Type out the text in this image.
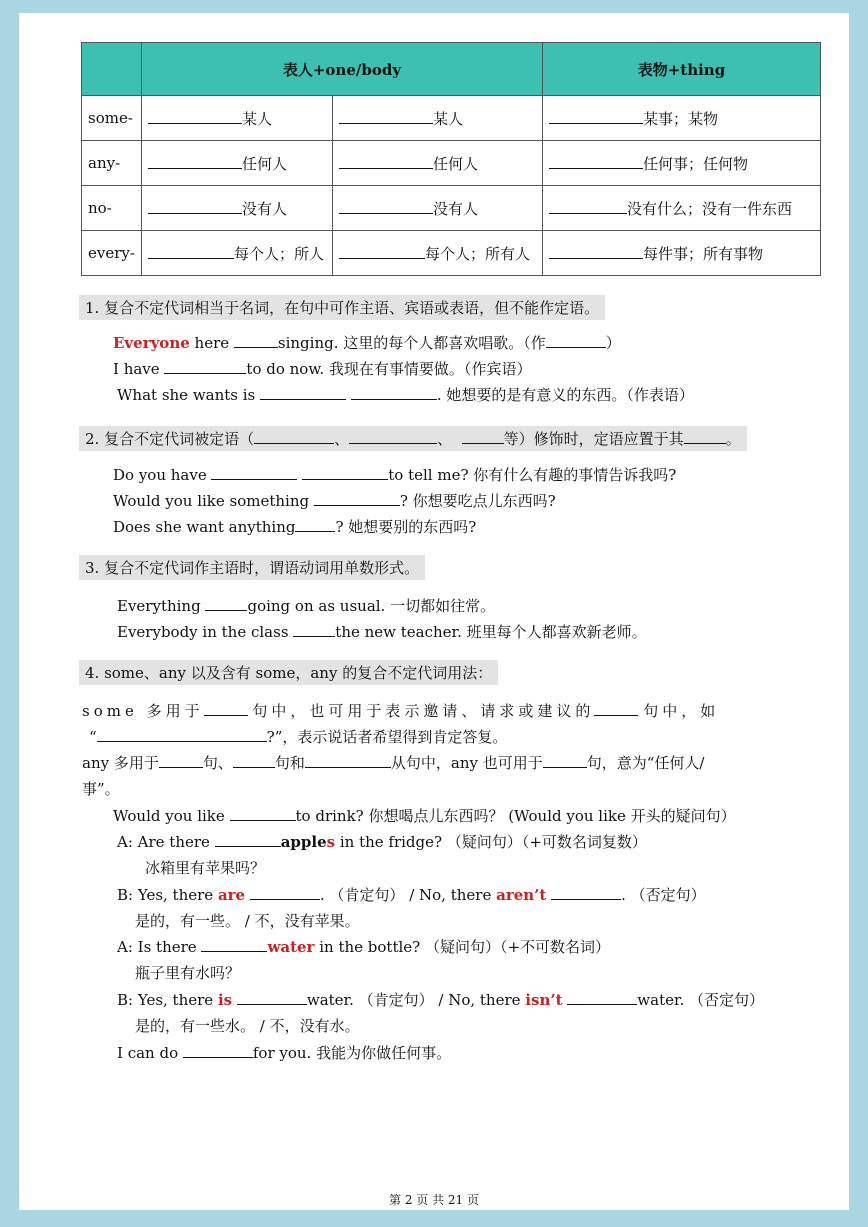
	表人+one/body		表物+thing
some-	某人	某人	某事；某物
any-	任何人	任何人	任何事；任何物
no-	没有人	没有人	没有什么；没有一件东西
every-	每个人；所人	每个人；所有人	每件事；所有事物
1. 复合不定代词相当于名词，在句中可作主语、宾语或表语，但不能作定语。
Everyone here	singing. 这里的每个人都喜欢唱歌。（作	）
I have	to do now. 我现在有事情要做。（作宾语）
What she wants is	. 她想要的是有意义的东西。（作表语）
2. 复合不定代词被定语（	、	、	等）修饰时，定语应置于其	。
Do you have	to tell me? 你有什么有趣的事情告诉我吗?
Would you like something	? 你想要吃点儿东西吗?
Does she want anything	? 她想要别的东西吗?
3. 复合不定代词作主语时，谓语动词用单数形式。
Everything	going on as usual. 一切都如往常。
Everybody in the class	the new teacher. 班里每个人都喜欢新老师。
4. some、any 以及含有 some，any 的复合不定代词用法：
some 多用于	句中，也可用于表示邀请、请求或建议的	句中，如
“	?”，表示说话者希望得到肯定答复。
any 多用于	句、	句和	从句中，any 也可用于	句，意为“任何人/
事”。
Would you like	to drink? 你想喝点儿东西吗？ (Would you like 开头的疑问句）
A: Are there	apples in the fridge? （疑问句）（+可数名词复数）
冰箱里有苹果吗？
B: Yes, there are	. （肯定句） / No, there aren’t	. （否定句）
是的，有一些。 / 不，没有苹果。
A: Is there	water in the bottle? （疑问句）（+不可数名词）
瓶子里有水吗？
B: Yes, there is	water. （肯定句） / No, there isn’t	water. （否定句）
是的，有一些水。 / 不，没有水。
I can do	for you. 我能为你做任何事。
第 2 页 共 21 页
